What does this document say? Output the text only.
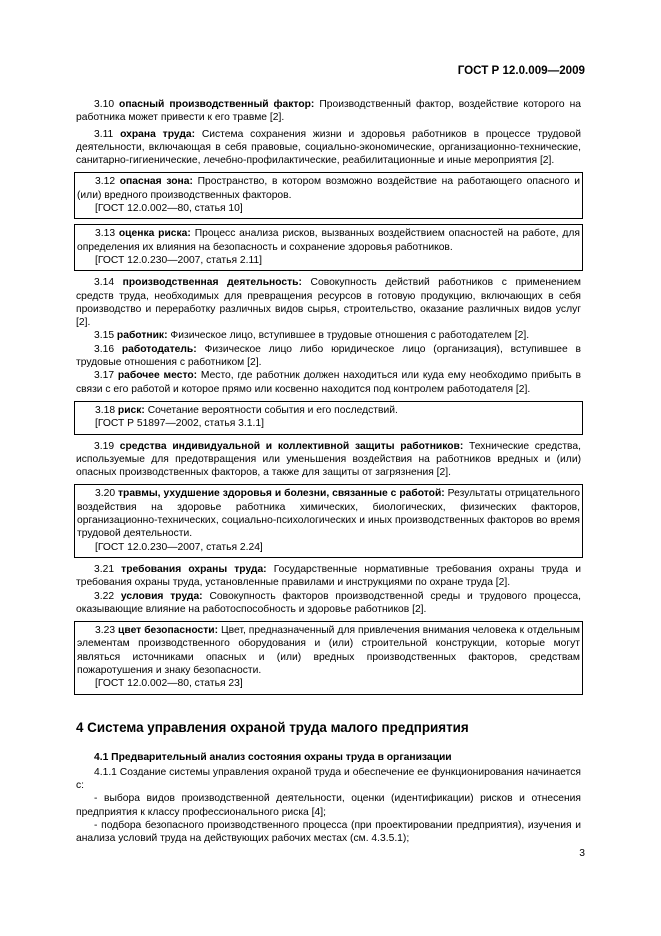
ГОСТ Р 12.0.009—2009

3.10 опасный производственный фактор: Производственный фактор, воздействие которого на работника может привести к его травме [2].

3.11 охрана труда: Система сохранения жизни и здоровья работников в процессе трудовой деятельности, включающая в себя правовые, социально-экономические, организационно-технические, санитарно-гигиенические, лечебно-профилактические, реабилитационные и иные мероприятия [2].

3.12 опасная зона: Пространство, в котором возможно воздействие на работающего опасного и (или) вредного производственных факторов.

[ГОСТ 12.0.002—80, статья 10]

3.13 оценка риска: Процесс анализа рисков, вызванных воздействием опасностей на работе, для определения их влияния на безопасность и сохранение здоровья работников.

[ГОСТ 12.0.230—2007, статья 2.11]

3.14 производственная деятельность: Совокупность действий работников с применением средств труда, необходимых для превращения ресурсов в готовую продукцию, включающих в себя производство и переработку различных видов сырья, строительство, оказание различных видов услуг [2].

3.15 работник: Физическое лицо, вступившее в трудовые отношения с работодателем [2].

3.16 работодатель: Физическое лицо либо юридическое лицо (организация), вступившее в трудовые отношения с работником [2].

3.17 рабочее место: Место, где работник должен находиться или куда ему необходимо прибыть в связи с его работой и которое прямо или косвенно находится под контролем работодателя [2].

3.18 риск: Сочетание вероятности события и его последствий.

[ГОСТ Р 51897—2002, статья 3.1.1]

3.19 средства индивидуальной и коллективной защиты работников: Технические средства, используемые для предотвращения или уменьшения воздействия на работников вредных и (или) опасных производственных факторов, а также для защиты от загрязнения [2].

3.20 травмы, ухудшение здоровья и болезни, связанные с работой: Результаты отрицательного воздействия на здоровье работника химических, биологических, физических факторов, организационно-технических, социально-психологических и иных производственных факторов во время трудовой деятельности.

[ГОСТ 12.0.230—2007, статья 2.24]

3.21 требования охраны труда: Государственные нормативные требования охраны труда и требования охраны труда, установленные правилами и инструкциями по охране труда [2].

3.22 условия труда: Совокупность факторов производственной среды и трудового процесса, оказывающие влияние на работоспособность и здоровье работников [2].

3.23 цвет безопасности: Цвет, предназначенный для привлечения внимания человека к отдельным элементам производственного оборудования и (или) строительной конструкции, которые могут являться источниками опасных и (или) вредных производственных факторов, средствам пожаротушения и знаку безопасности.

[ГОСТ 12.0.002—80, статья 23]
4 Система управления охраной труда малого предприятия
4.1 Предварительный анализ состояния охраны труда в организации

4.1.1 Создание системы управления охраной труда и обеспечение ее функционирования начинается с:

- выбора видов производственной деятельности, оценки (идентификации) рисков и отнесения предприятия к классу профессионального риска [4];

- подбора безопасного производственного процесса (при проектировании предприятия), изучения и анализа условий труда на действующих рабочих местах (см. 4.3.5.1);

3
